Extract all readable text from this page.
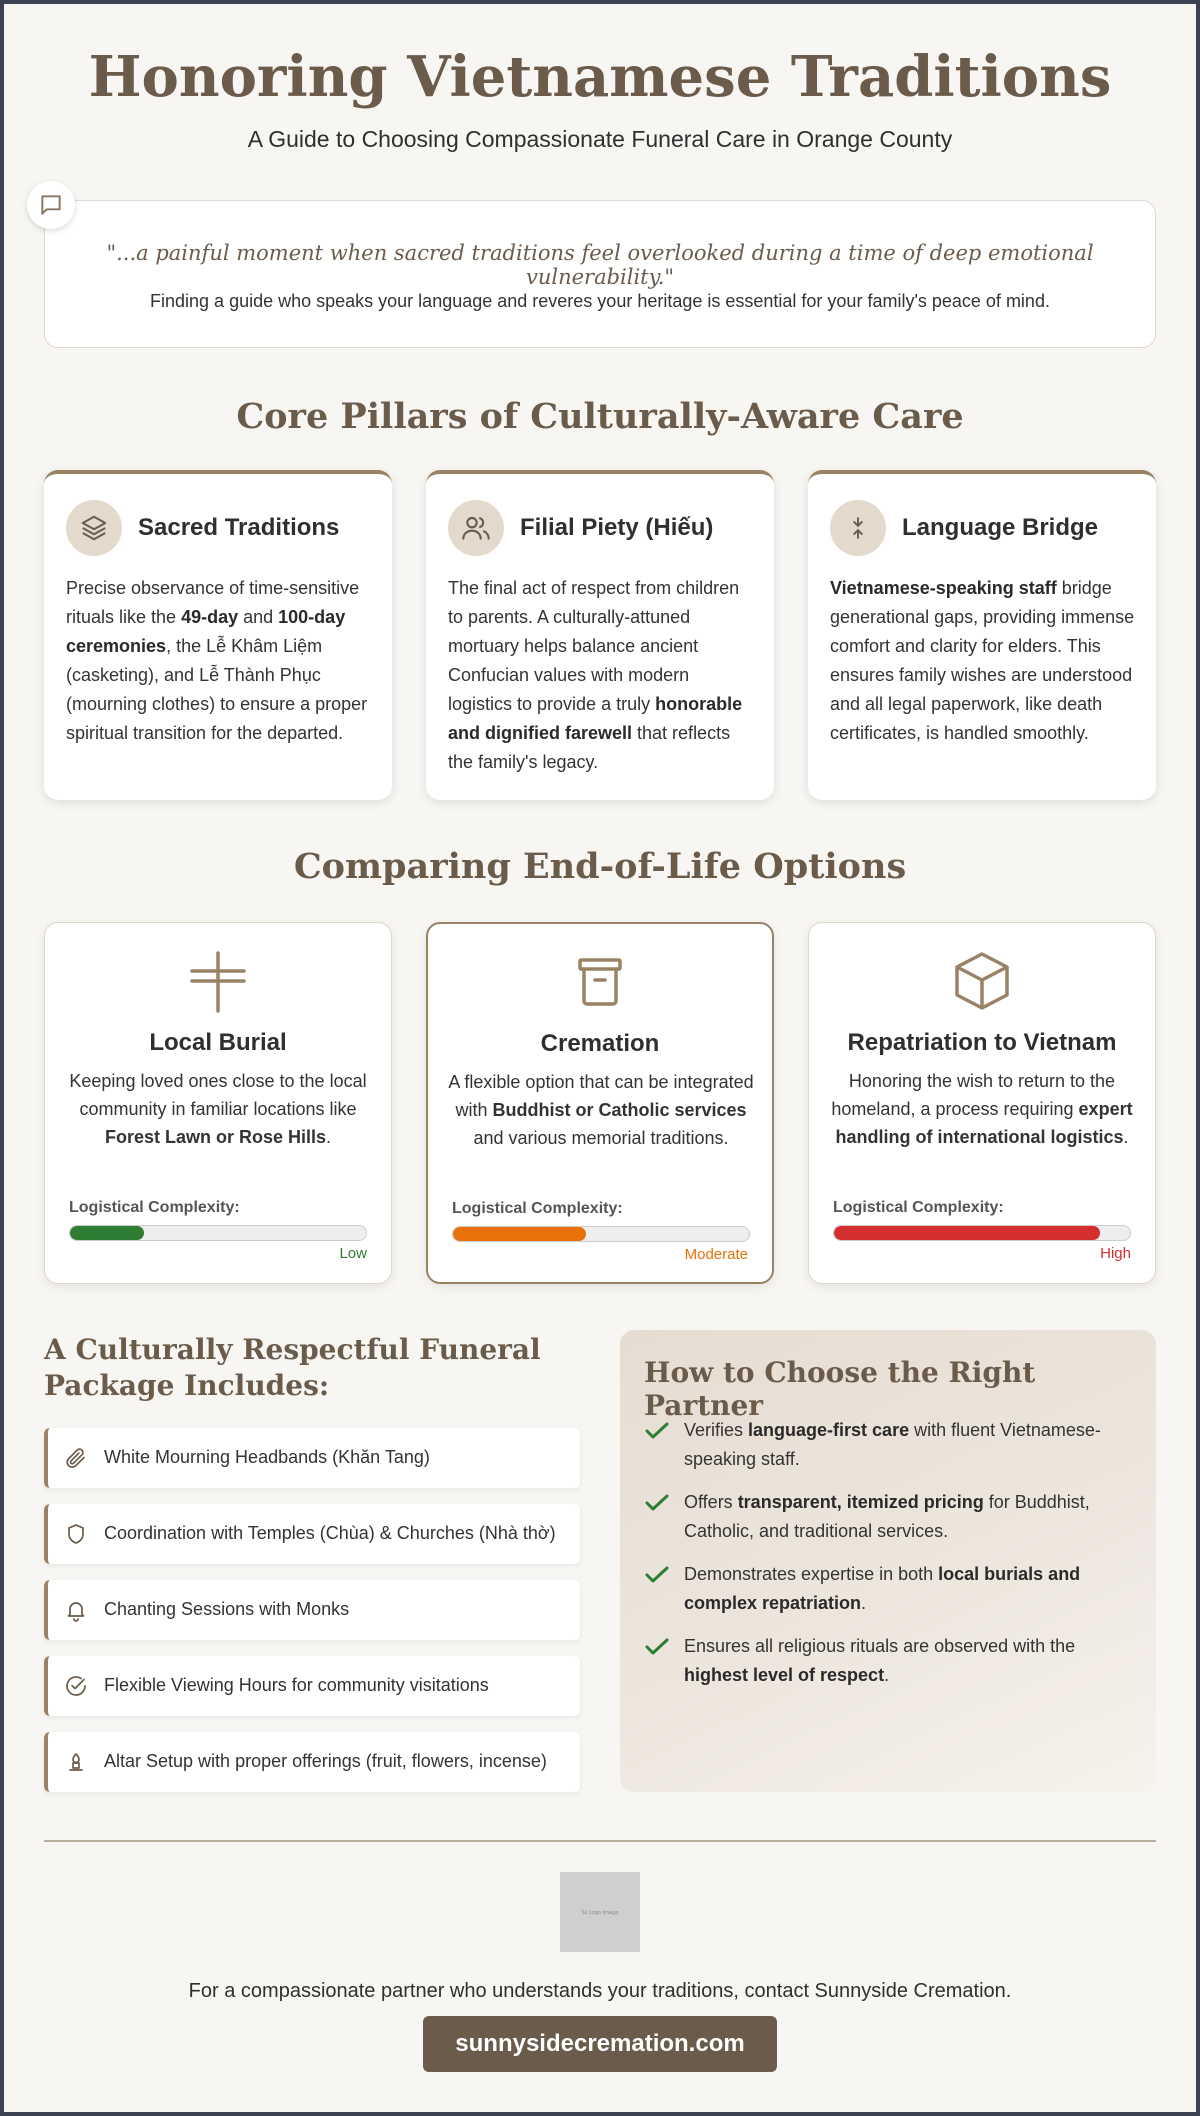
Honoring Vietnamese Traditions
A Guide to Choosing Compassionate Funeral Care in Orange County
"...a painful moment when sacred traditions feel overlooked during a time of deep emotional vulnerability."
Finding a guide who speaks your language and reveres your heritage is essential for your family's peace of mind.
Core Pillars of Culturally-Aware Care
Sacred Traditions
Precise observance of time-sensitive rituals like the 49-day and 100-day ceremonies, the Lễ Khâm Liệm (casketing), and Lễ Thành Phục (mourning clothes) to ensure a proper spiritual transition for the departed.
Filial Piety (Hiếu)
The final act of respect from children to parents. A culturally-attuned mortuary helps balance ancient Confucian values with modern logistics to provide a truly honorable and dignified farewell that reflects the family's legacy.
Language Bridge
Vietnamese-speaking staff bridge generational gaps, providing immense comfort and clarity for elders. This ensures family wishes are understood and all legal paperwork, like death certificates, is handled smoothly.
Comparing End-of-Life Options
Local Burial
Keeping loved ones close to the local community in familiar locations like Forest Lawn or Rose Hills.
Logistical Complexity:
Low
Cremation
A flexible option that can be integrated with Buddhist or Catholic services and various memorial traditions.
Logistical Complexity:
Moderate
Repatriation to Vietnam
Honoring the wish to return to the homeland, a process requiring expert handling of international logistics.
Logistical Complexity:
High
A Culturally Respectful Funeral Package Includes:
White Mourning Headbands (Khăn Tang)
Coordination with Temples (Chùa) & Churches (Nhà thờ)
Chanting Sessions with Monks
Flexible Viewing Hours for community visitations
Altar Setup with proper offerings (fruit, flowers, incense)
How to Choose the Right Partner
Verifies language-first care with fluent Vietnamese-speaking staff.
Offers transparent, itemized pricing for Buddhist, Catholic, and traditional services.
Demonstrates expertise in both local burials and complex repatriation.
Ensures all religious rituals are observed with the highest level of respect.
Sc Logo Image
For a compassionate partner who understands your traditions, contact Sunnyside Cremation.
sunnysidecremation.com
